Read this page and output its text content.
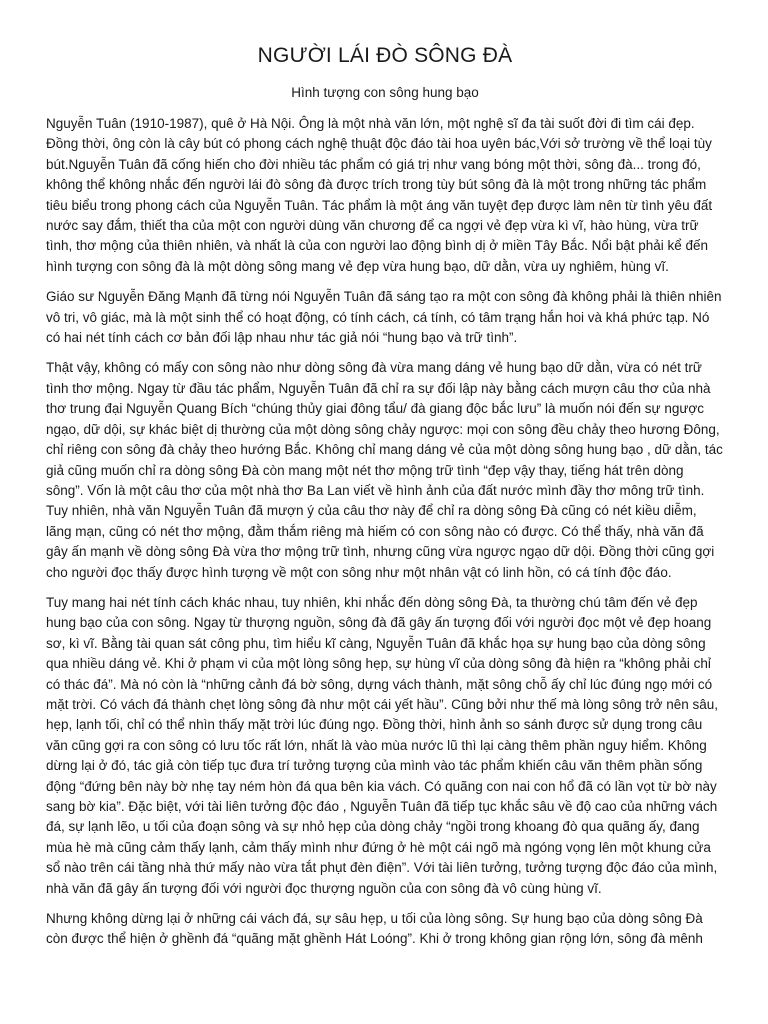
NGƯỜI LÁI ĐÒ SÔNG ĐÀ
Hình tượng con sông hung bạo

Nguyễn Tuân (1910-1987), quê ở Hà Nội. Ông là một nhà văn lớn, một nghệ sĩ đa tài suốt đời đi tìm cái đẹp. Đồng thời, ông còn là cây bút có phong cách nghệ thuật độc đáo tài hoa uyên bác,Với sở trường về thể loại tùy bút.Nguyễn Tuân đã cống hiến cho đời nhiều tác phẩm có giá trị như vang bóng một thời, sông đà... trong đó, không thể không nhắc đến người lái đò sông đà được trích trong tùy bút sông đà là một trong những tác phẩm tiêu biểu trong phong cách của Nguyễn Tuân. Tác phẩm là một áng văn tuyệt đẹp được làm nên từ tình yêu đất nước say đắm, thiết tha của một con người dùng văn chương để ca ngợi vẻ đẹp vừa kì vĩ, hào hùng, vừa trữ tình, thơ mộng của thiên nhiên, và nhất là của con người lao động bình dị ở miền Tây Bắc. Nổi bật phải kể đến hình tượng con sông đà là một dòng sông mang vẻ đẹp vừa hung bạo, dữ dằn, vừa uy nghiêm, hùng vĩ.

Giáo sư Nguyễn Đăng Mạnh đã từng nói Nguyễn Tuân đã sáng tạo ra một con sông đà không phải là thiên nhiên vô tri, vô giác, mà là một sinh thể có hoạt động, có tính cách, cá tính, có tâm trạng hắn hoi và khá phức tạp. Nó có hai nét tính cách cơ bản đối lập nhau như tác giả nói “hung bạo và trữ tình”.

Thật vậy, không có mấy con sông nào như dòng sông đà vừa mang dáng vẻ hung bạo dữ dằn, vừa có nét trữ tình thơ mộng. Ngay từ đầu tác phẩm, Nguyễn Tuân đã chỉ ra sự đối lập này bằng cách mượn câu thơ của nhà thơ trung đại Nguyễn Quang Bích “chúng thủy giai đông tẩu/ đà giang độc bắc lưu” là muốn nói đến sự ngược ngạo, dữ dội, sự khác biệt dị thường của một dòng sông chảy ngược: mọi con sông đều chảy theo hương Đông, chỉ riêng con sông đà chảy theo hướng Bắc. Không chỉ mang dáng vẻ của một dòng sông hung bạo , dữ dằn, tác giả cũng muốn chỉ ra dòng sông Đà còn mang một nét thơ mộng trữ tình “đẹp vậy thay, tiếng hát trên dòng sông”. Vốn là một câu thơ của một nhà thơ Ba Lan viết về hình ảnh của đất nước mình đầy thơ mông trữ tình. Tuy nhiên, nhà văn Nguyễn Tuân đã mượn ý của câu thơ này để chỉ ra dòng sông Đà cũng có nét kiều diễm, lãng mạn, cũng có nét thơ mộng, đằm thắm riêng mà hiếm có con sông nào có được. Có thể thấy, nhà văn đã gây ấn mạnh về dòng sông Đà vừa thơ mộng trữ tình, nhưng cũng vừa ngược ngạo dữ dội. Đồng thời cũng gợi cho người đọc thấy được hình tượng về một con sông như một nhân vật có linh hồn, có cá tính độc đáo.

Tuy mang hai nét tính cách khác nhau, tuy nhiên, khi nhắc đến dòng sông Đà, ta thường chú tâm đến vẻ đẹp hung bạo của con sông. Ngay từ thượng nguồn, sông đà đã gây ấn tượng đối với người đọc một vẻ đẹp hoang sơ, kì vĩ. Bằng tài quan sát công phu, tìm hiểu kĩ càng, Nguyễn Tuân đã khắc họa sự hung bạo của dòng sông qua nhiều dáng vẻ. Khi ở phạm vi của một lòng sông hẹp, sự hùng vĩ của dòng sông đà hiện ra “không phải chỉ có thác đá”. Mà nó còn là “những cảnh đá bờ sông, dựng vách thành, mặt sông chỗ ấy chỉ lúc đúng ngọ mới có mặt trời. Có vách đá thành chẹt lòng sông đà như một cái yết hầu”. Cũng bởi như thế mà lòng sông trở nên sâu, hẹp, lạnh tối, chỉ có thể nhìn thấy mặt trời lúc đúng ngọ. Đồng thời, hình ảnh so sánh được sử dụng trong câu văn cũng gợi ra con sông có lưu tốc rất lớn, nhất là vào mùa nước lũ thì lại càng thêm phần nguy hiểm. Không dừng lại ở đó, tác giả còn tiếp tục đưa trí tưởng tượng của mình vào tác phẩm khiến câu văn thêm phần sống động “đứng bên này bờ nhẹ tay ném hòn đá qua bên kia vách. Có quãng con nai con hổ đã có lần vọt từ bờ này sang bờ kia”. Đặc biệt, với tài liên tưởng độc đáo , Nguyễn Tuân đã tiếp tục khắc sâu về độ cao của những vách đá, sự lạnh lẽo, u tối của đoạn sông và sự nhỏ hẹp của dòng chảy “ngồi trong khoang đò qua quãng ấy, đang mùa hè mà cũng cảm thấy lạnh, cảm thấy mình như đứng ở hè một cái ngõ mà ngóng vọng lên một khung cửa sổ nào trên cái tầng nhà thứ mấy nào vừa tắt phụt đèn điện”. Với tài liên tưởng, tưởng tượng độc đáo của mình, nhà văn đã gây ấn tượng đối với người đọc thượng nguồn của con sông đà vô cùng hùng vĩ.

Nhưng không dừng lại ở những cái vách đá, sự sâu hẹp, u tối của lòng sông. Sự hung bạo của dòng sông Đà còn được thể hiện ở ghềnh đá “quãng mặt ghềnh Hát Loóng”. Khi ở trong không gian rộng lớn, sông đà mênh
